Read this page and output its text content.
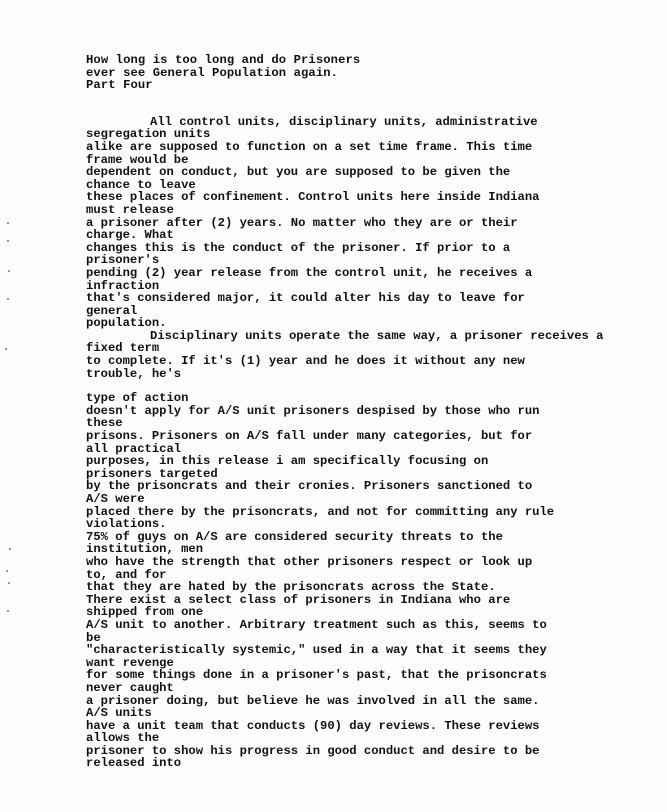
How long is too long and do Prisoners
ever see General Population again.
Part Four
All control units, disciplinary units, administrative
segregation units
alike are supposed to function on a set time frame. This time
frame would be
dependent on conduct, but you are supposed to be given the
chance to leave
these places of confinement. Control units here inside Indiana
must release
a prisoner after (2) years. No matter who they are or their
charge. What
changes this is the conduct of the prisoner. If prior to a
prisoner's
pending (2) year release from the control unit, he receives a
infraction
that's considered major, it could alter his day to leave for
general
population.
Disciplinary units operate the same way, a prisoner receives a
fixed term
to complete. If it's (1) year and he does it without any new
trouble, he's
type of action
doesn't apply for A/S unit prisoners despised by those who run
these
prisons. Prisoners on A/S fall under many categories, but for
all practical
purposes, in this release i am specifically focusing on
prisoners targeted
by the prisoncrats and their cronies. Prisoners sanctioned to
A/S were
placed there by the prisoncrats, and not for committing any rule
violations.
75% of guys on A/S are considered security threats to the
institution, men
who have the strength that other prisoners respect or look up
to, and for
that they are hated by the prisoncrats across the State.
There exist a select class of prisoners in Indiana who are
shipped from one
A/S unit to another. Arbitrary treatment such as this, seems to
be
"characteristically systemic," used in a way that it seems they
want revenge
for some things done in a prisoner's past, that the prisoncrats
never caught
a prisoner doing, but believe he was involved in all the same.
A/S units
have a unit team that conducts (90) day reviews. These reviews
allows the
prisoner to show his progress in good conduct and desire to be
released into
